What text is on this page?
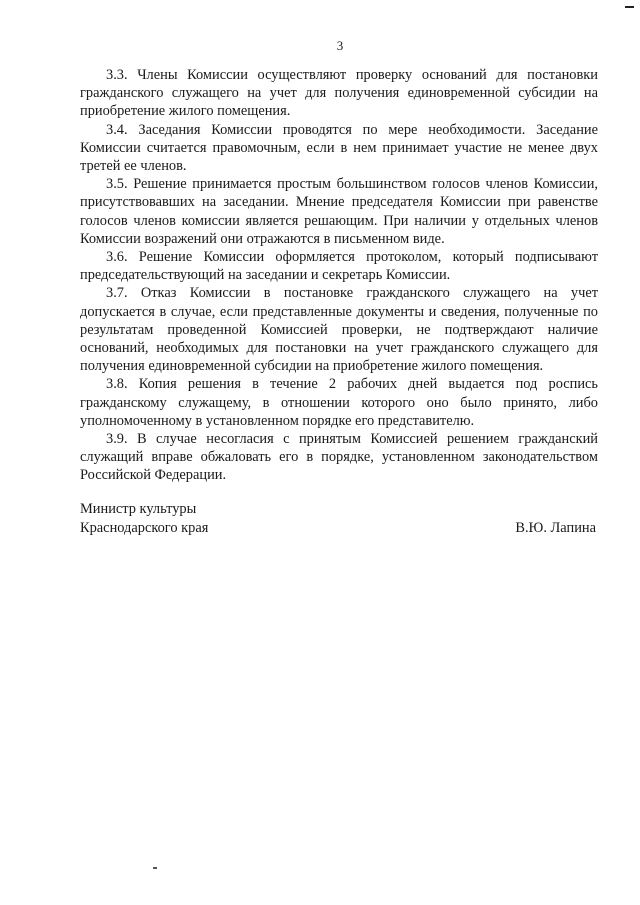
3

3.3. Члены Комиссии осуществляют проверку оснований для постановки гражданского служащего на учет для получения единовременной субсидии на приобретение жилого помещения.

3.4. Заседания Комиссии проводятся по мере необходимости. Заседание Комиссии считается правомочным, если в нем принимает участие не менее двух третей ее членов.

3.5. Решение принимается простым большинством голосов членов Комиссии, присутствовавших на заседании. Мнение председателя Комиссии при равенстве голосов членов комиссии является решающим. При наличии у отдельных членов Комиссии возражений они отражаются в письменном виде.

3.6. Решение Комиссии оформляется протоколом, который подписывают председательствующий на заседании и секретарь Комиссии.

3.7. Отказ Комиссии в постановке гражданского служащего на учет допускается в случае, если представленные документы и сведения, полученные по результатам проведенной Комиссией проверки, не подтверждают наличие оснований, необходимых для постановки на учет гражданского служащего для получения единовременной субсидии на приобретение жилого помещения.

3.8. Копия решения в течение 2 рабочих дней выдается под роспись гражданскому служащему, в отношении которого оно было принято, либо уполномоченному в установленном порядке его представителю.

3.9. В случае несогласия с принятым Комиссией решением гражданский служащий вправе обжаловать его в порядке, установленном законодательством Российской Федерации.

Министр культуры
Краснодарского края	В.Ю. Лапина
